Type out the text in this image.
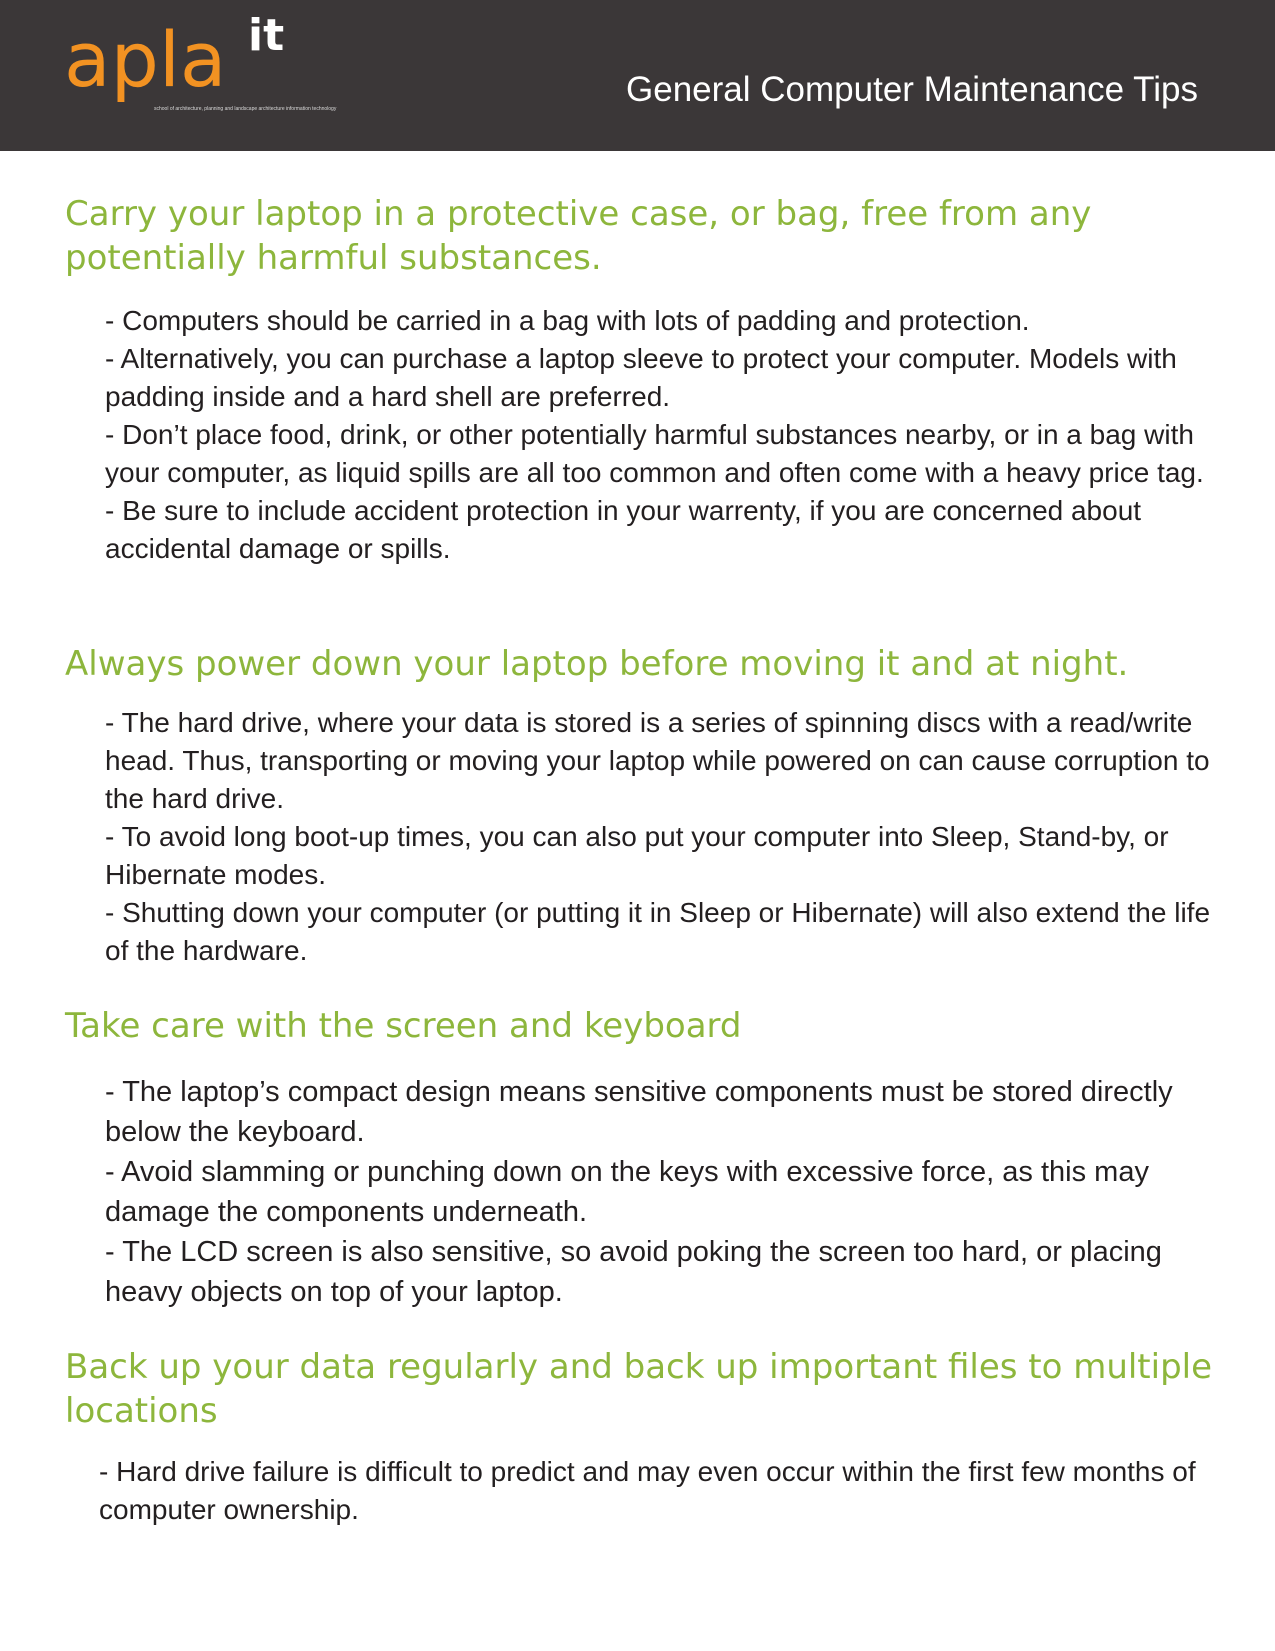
apla it
school of architecture, planning and landscape architecture information technology	General Computer Maintenance Tips
Carry your laptop in a protective case, or bag, free from any potentially harmful substances.

- Computers should be carried in a bag with lots of padding and protection.

- Alternatively, you can purchase a laptop sleeve to protect your computer. Models with padding inside and a hard shell are preferred.

- Don’t place food, drink, or other potentially harmful substances nearby, or in a bag with your computer, as liquid spills are all too common and often come with a heavy price tag.

- Be sure to include accident protection in your warrenty, if you are concerned about accidental damage or spills.

Always power down your laptop before moving it and at night.

- The hard drive, where your data is stored is a series of spinning discs with a read/write head. Thus, transporting or moving your laptop while powered on can cause corruption to the hard drive.

- To avoid long boot-up times, you can also put your computer into Sleep, Stand-by, or Hibernate modes.

- Shutting down your computer (or putting it in Sleep or Hibernate) will also extend the life of the hardware.

Take care with the screen and keyboard

- The laptop’s compact design means sensitive components must be stored directly below the keyboard.

- Avoid slamming or punching down on the keys with excessive force, as this may damage the components underneath.

- The LCD screen is also sensitive, so avoid poking the screen too hard, or placing heavy objects on top of your laptop.

Back up your data regularly and back up important files to multiple locations

- Hard drive failure is difficult to predict and may even occur within the first few months of computer ownership.
